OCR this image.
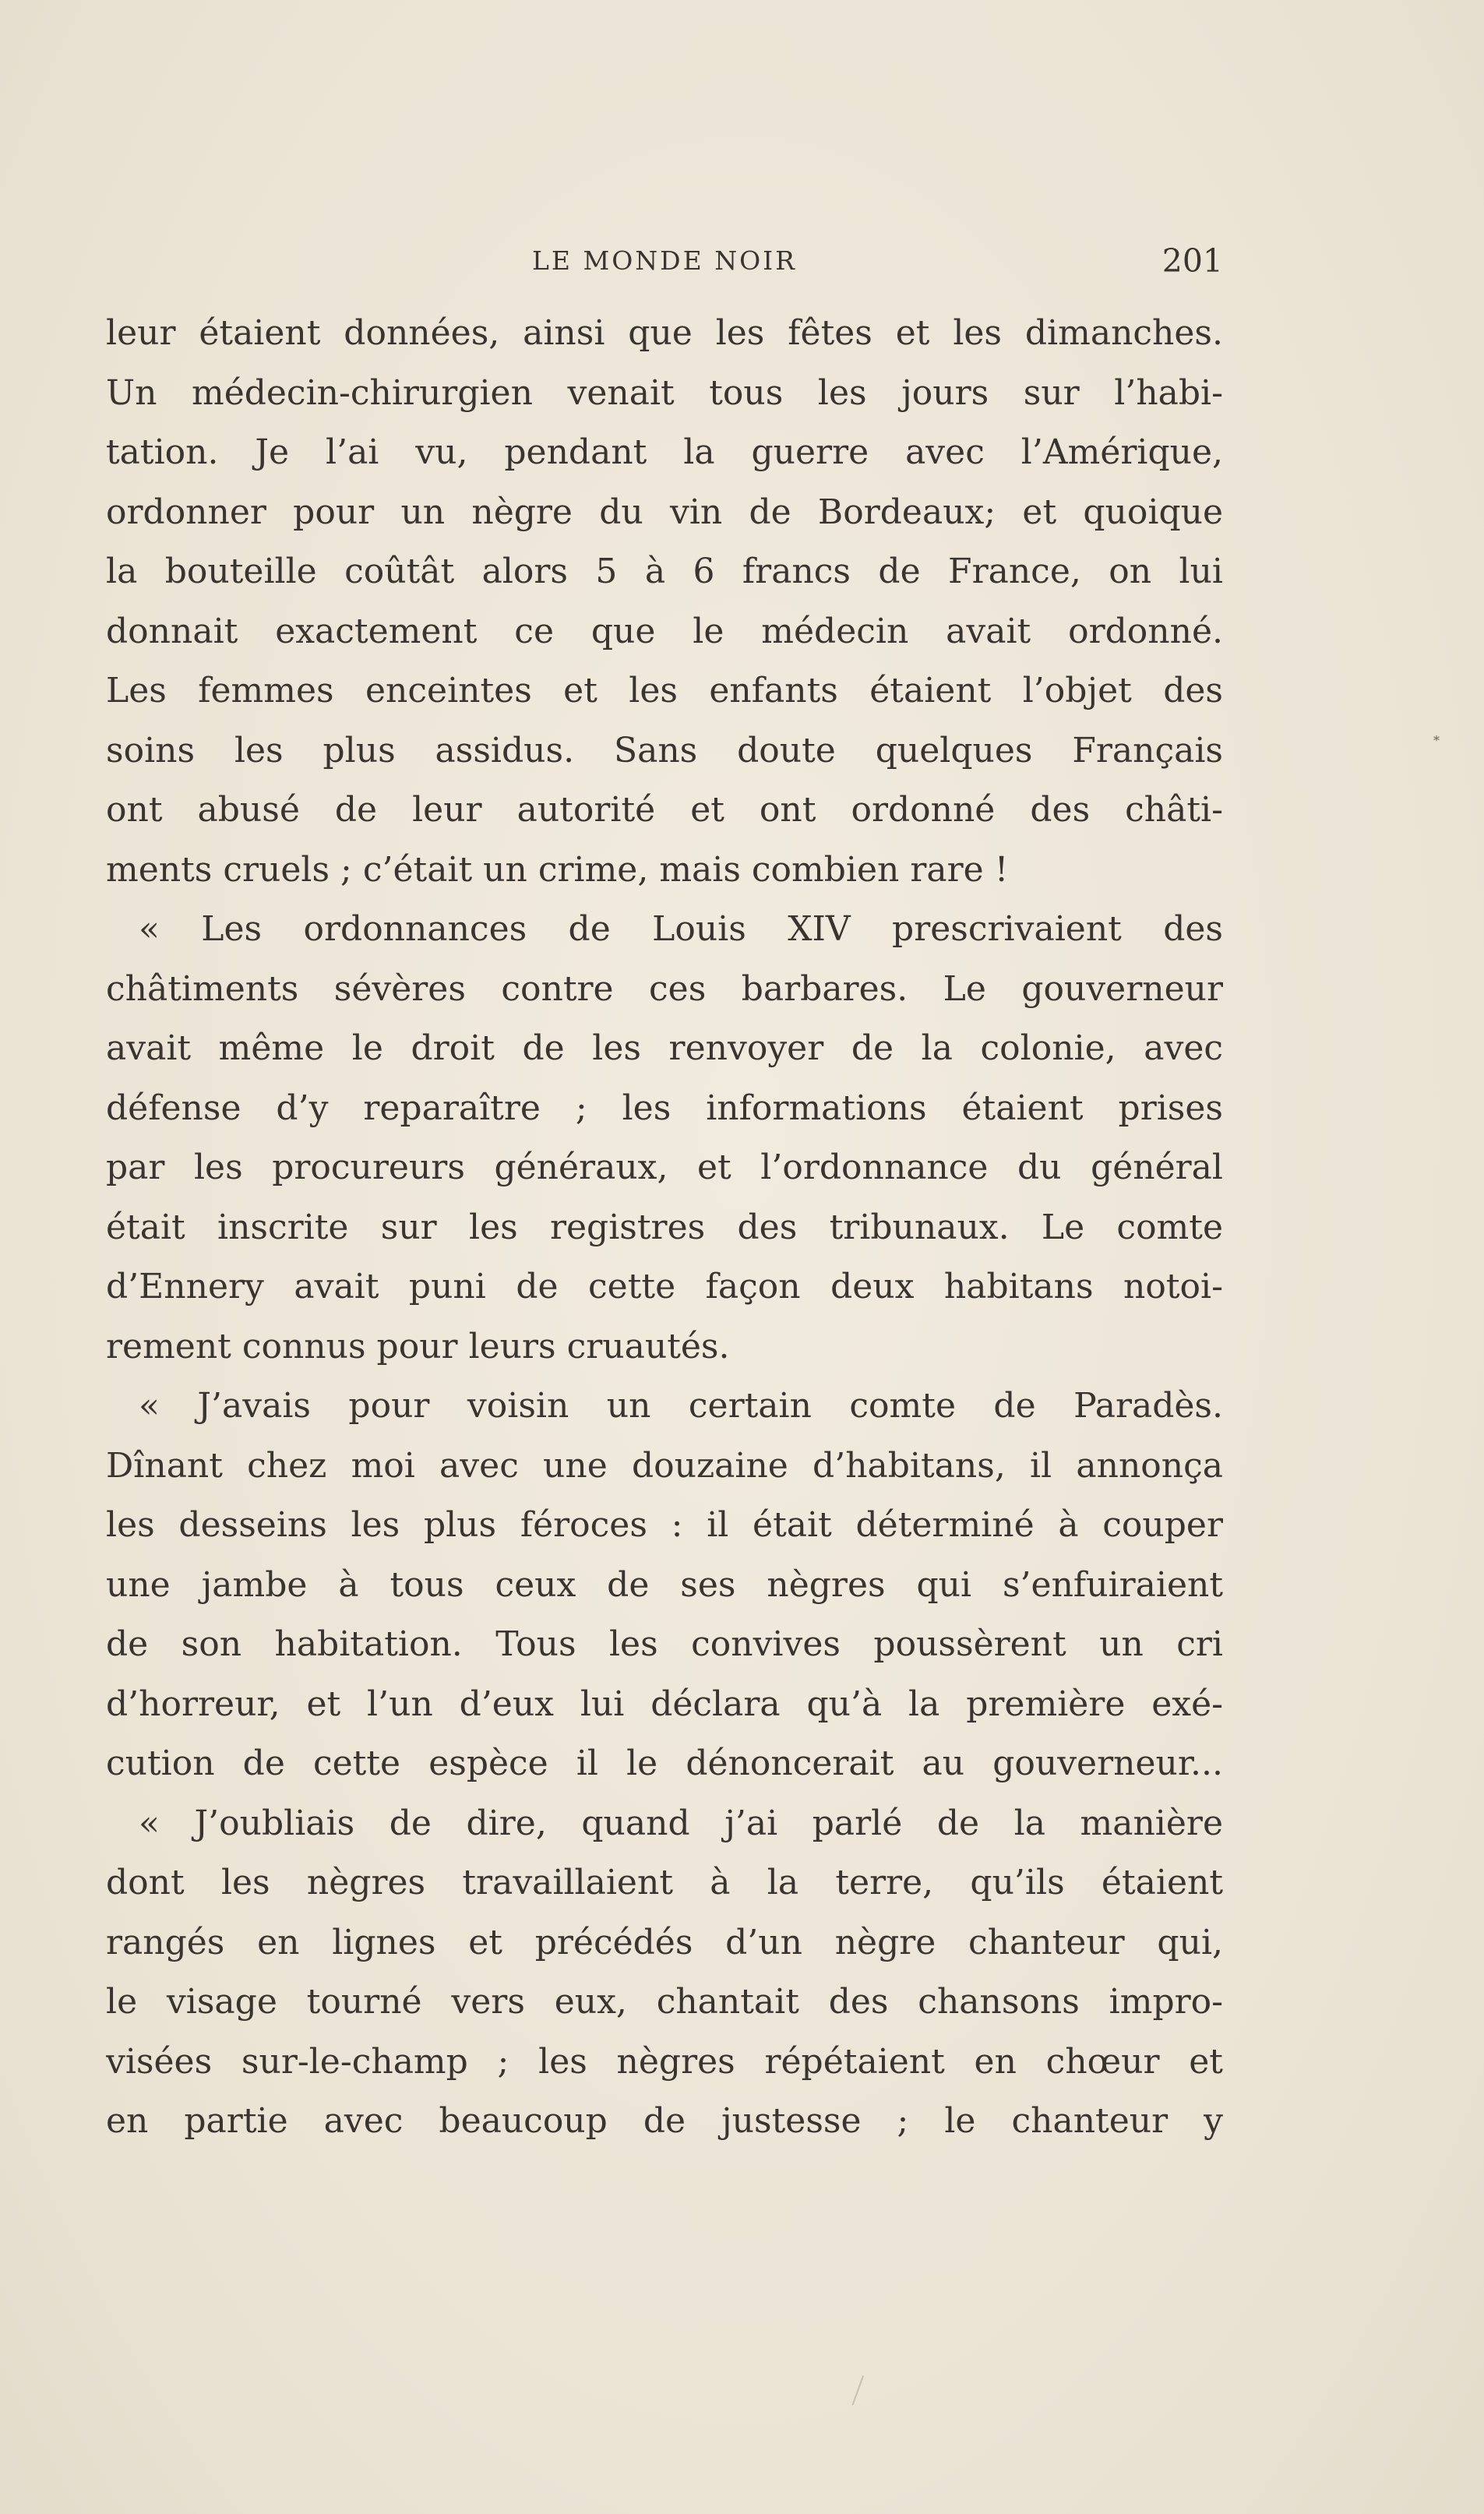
LE MONDE NOIR	201
leur étaient données, ainsi que les fêtes et les dimanches.
Un médecin-chirurgien venait tous les jours sur l’habi-
tation. Je l’ai vu, pendant la guerre avec l’Amérique,
ordonner pour un nègre du vin de Bordeaux; et quoique
la bouteille coûtât alors 5 à 6 francs de France, on lui
donnait exactement ce que le médecin avait ordonné.
Les femmes enceintes et les enfants étaient l’objet des
soins les plus assidus. Sans doute quelques Français
ont abusé de leur autorité et ont ordonné des châti-
ments cruels ; c’était un crime, mais combien rare !
« Les ordonnances de Louis XIV prescrivaient des
châtiments sévères contre ces barbares. Le gouverneur
avait même le droit de les renvoyer de la colonie, avec
défense d’y reparaître ; les informations étaient prises
par les procureurs généraux, et l’ordonnance du général
était inscrite sur les registres des tribunaux. Le comte
d’Ennery avait puni de cette façon deux habitans notoi-
rement connus pour leurs cruautés.
« J’avais pour voisin un certain comte de Paradès.
Dînant chez moi avec une douzaine d’habitans, il annonça
les desseins les plus féroces : il était déterminé à couper
une jambe à tous ceux de ses nègres qui s’enfuiraient
de son habitation. Tous les convives poussèrent un cri
d’horreur, et l’un d’eux lui déclara qu’à la première exé-
cution de cette espèce il le dénoncerait au gouverneur...
« J’oubliais de dire, quand j’ai parlé de la manière
dont les nègres travaillaient à la terre, qu’ils étaient
rangés en lignes et précédés d’un nègre chanteur qui,
le visage tourné vers eux, chantait des chansons impro-
visées sur-le-champ ; les nègres répétaient en chœur et
en partie avec beaucoup de justesse ; le chanteur y
*
